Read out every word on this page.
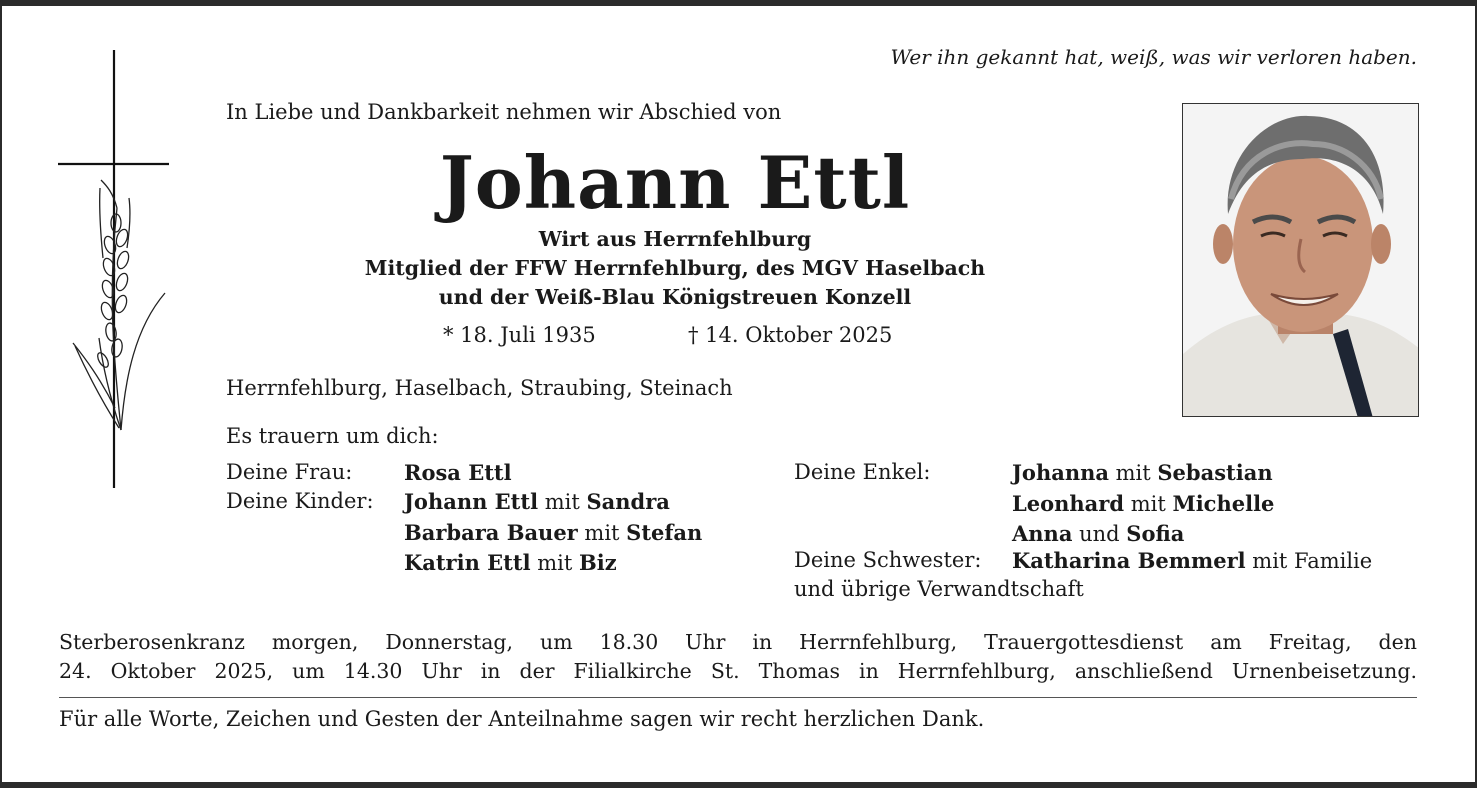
Wer ihn gekannt hat, weiß, was wir verloren haben.
In Liebe und Dankbarkeit nehmen wir Abschied von
Johann Ettl
Wirt aus Herrnfehlburg
Mitglied der FFW Herrnfehlburg, des MGV Haselbach
und der Weiß-Blau Königstreuen Konzell
* 18. Juli 1935	† 14. Oktober 2025
Herrnfehlburg, Haselbach, Straubing, Steinach
Es trauern um dich:
Deine Frau: Rosa Ettl
Deine Kinder: Johann Ettl mit Sandra
Barbara Bauer mit Stefan
Katrin Ettl mit Biz
Deine Enkel:	Johanna mit Sebastian
Leonhard mit Michelle
Anna und Sofia
Deine Schwester: Katharina Bemmerl mit Familie
und übrige Verwandtschaft
Sterberosenkranz morgen, Donnerstag, um 18.30 Uhr in Herrnfehlburg, Trauergottesdienst am Freitag, den
24. Oktober 2025, um 14.30 Uhr in der Filialkirche St. Thomas in Herrnfehlburg, anschließend Urnenbeisetzung.
Für alle Worte, Zeichen und Gesten der Anteilnahme sagen wir recht herzlichen Dank.
